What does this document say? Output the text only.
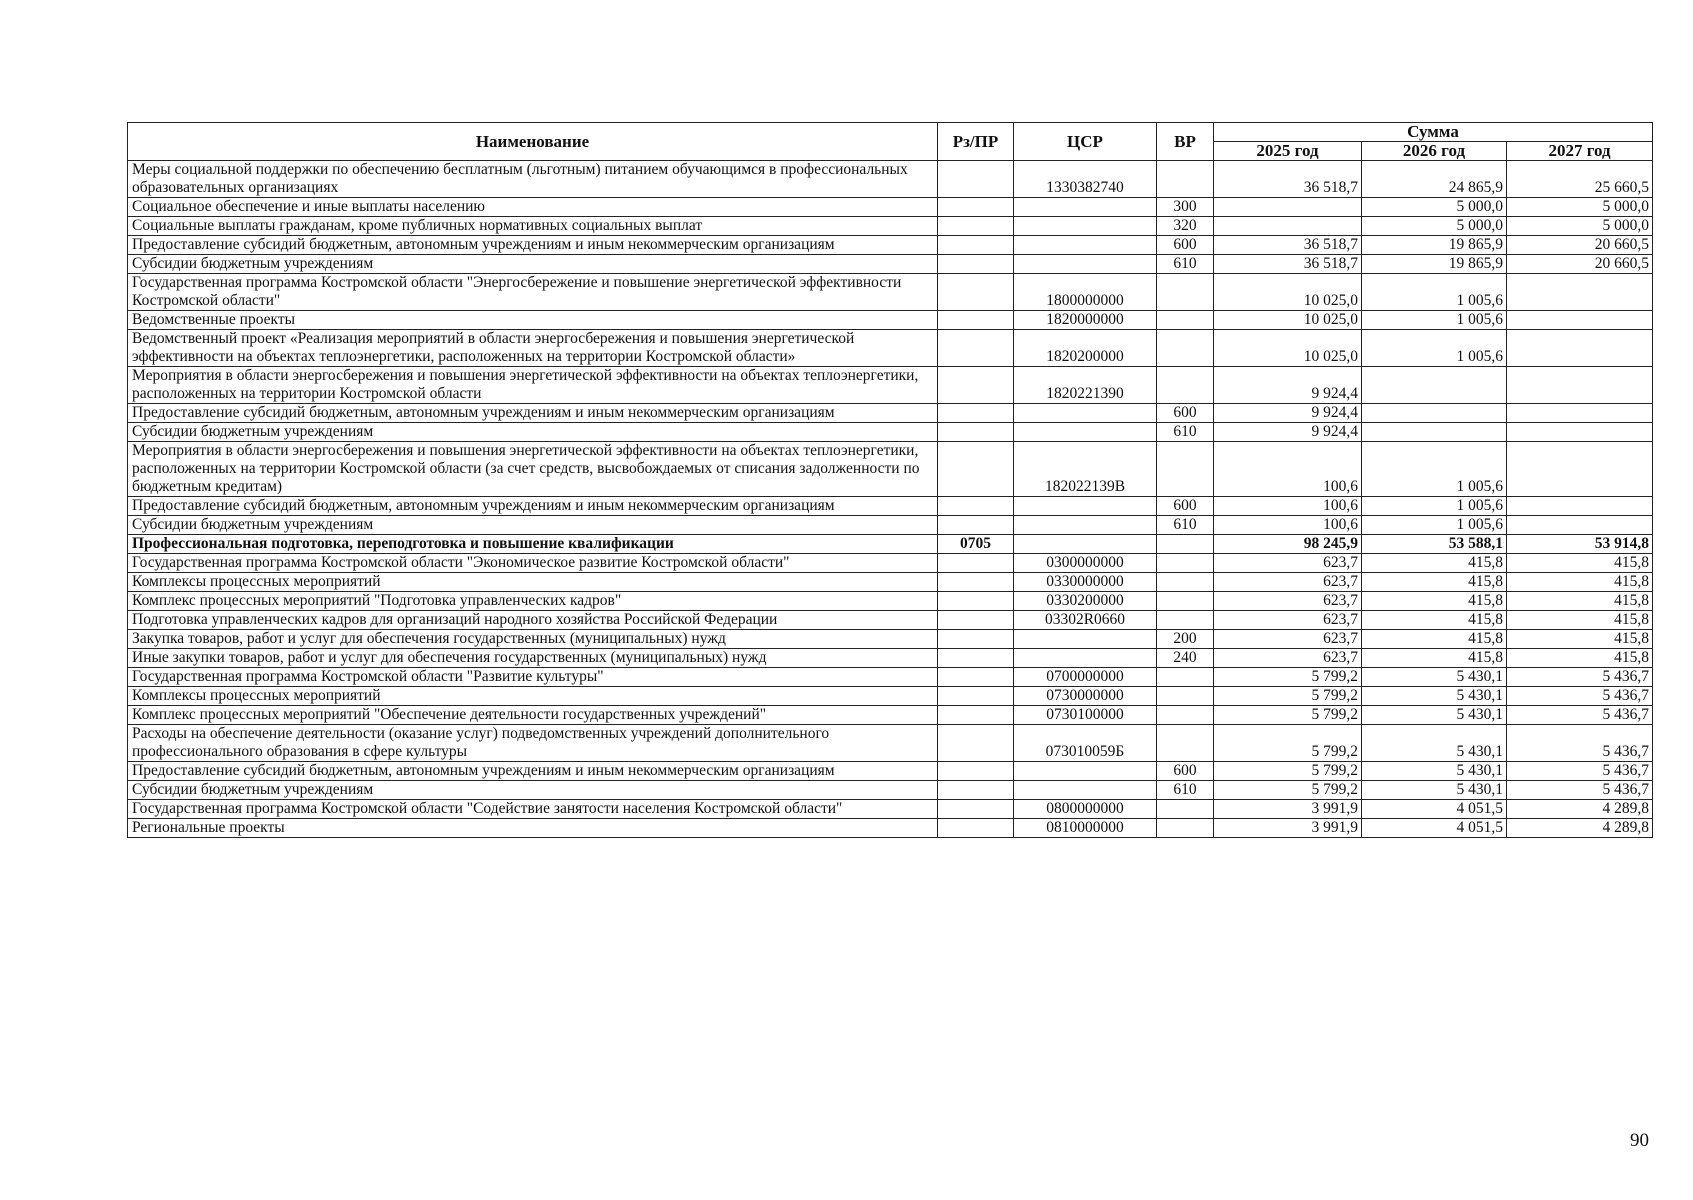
Наименование	Рз/ПР	ЦСР	ВР	Сумма		
				2025 год	2026 год	2027 год
Меры социальной поддержки по обеспечению бесплатным (льготным) питанием обучающимся в профессиональных образовательных организациях		1330382740		36 518,7	24 865,9	25 660,5
Социальное обеспечение и иные выплаты населению			300		5 000,0	5 000,0
Социальные выплаты гражданам, кроме публичных нормативных социальных выплат			320		5 000,0	5 000,0
Предоставление субсидий бюджетным, автономным учреждениям и иным некоммерческим организациям			600	36 518,7	19 865,9	20 660,5
Субсидии бюджетным учреждениям			610	36 518,7	19 865,9	20 660,5
Государственная программа Костромской области "Энергосбережение и повышение энергетической эффективности Костромской области"		1800000000		10 025,0	1 005,6	
Ведомственные проекты		1820000000		10 025,0	1 005,6	
Ведомственный проект «Реализация мероприятий в области энергосбережения и повышения энергетической эффективности на объектах теплоэнергетики, расположенных на территории Костромской области»		1820200000		10 025,0	1 005,6	
Мероприятия в области энергосбережения и повышения энергетической эффективности на объектах теплоэнергетики, расположенных на территории Костромской области		1820221390		9 924,4		
Предоставление субсидий бюджетным, автономным учреждениям и иным некоммерческим организациям			600	9 924,4		
Субсидии бюджетным учреждениям			610	9 924,4		
Мероприятия в области энергосбережения и повышения энергетической эффективности на объектах теплоэнергетики, расположенных на территории Костромской области (за счет средств, высвобождаемых от списания задолженности по бюджетным кредитам)		182022139В		100,6	1 005,6	
Предоставление субсидий бюджетным, автономным учреждениям и иным некоммерческим организациям			600	100,6	1 005,6	
Субсидии бюджетным учреждениям			610	100,6	1 005,6	
Профессиональная подготовка, переподготовка и повышение квалификации	0705			98 245,9	53 588,1	53 914,8
Государственная программа Костромской области "Экономическое развитие Костромской области"		0300000000		623,7	415,8	415,8
Комплексы процессных мероприятий		0330000000		623,7	415,8	415,8
Комплекс процессных мероприятий "Подготовка управленческих кадров"		0330200000		623,7	415,8	415,8
Подготовка управленческих кадров для организаций народного хозяйства Российской Федерации		03302R0660		623,7	415,8	415,8
Закупка товаров, работ и услуг для обеспечения государственных (муниципальных) нужд			200	623,7	415,8	415,8
Иные закупки товаров, работ и услуг для обеспечения государственных (муниципальных) нужд			240	623,7	415,8	415,8
Государственная программа Костромской области "Развитие культуры"		0700000000		5 799,2	5 430,1	5 436,7
Комплексы процессных мероприятий		0730000000		5 799,2	5 430,1	5 436,7
Комплекс процессных мероприятий "Обеспечение деятельности государственных учреждений"		0730100000		5 799,2	5 430,1	5 436,7
Расходы на обеспечение деятельности (оказание услуг) подведомственных учреждений дополнительного профессионального образования в сфере культуры		073010059Б		5 799,2	5 430,1	5 436,7
Предоставление субсидий бюджетным, автономным учреждениям и иным некоммерческим организациям			600	5 799,2	5 430,1	5 436,7
Субсидии бюджетным учреждениям			610	5 799,2	5 430,1	5 436,7
Государственная программа Костромской области "Содействие занятости населения Костромской области"		0800000000		3 991,9	4 051,5	4 289,8
Региональные проекты		0810000000		3 991,9	4 051,5	4 289,8
90
